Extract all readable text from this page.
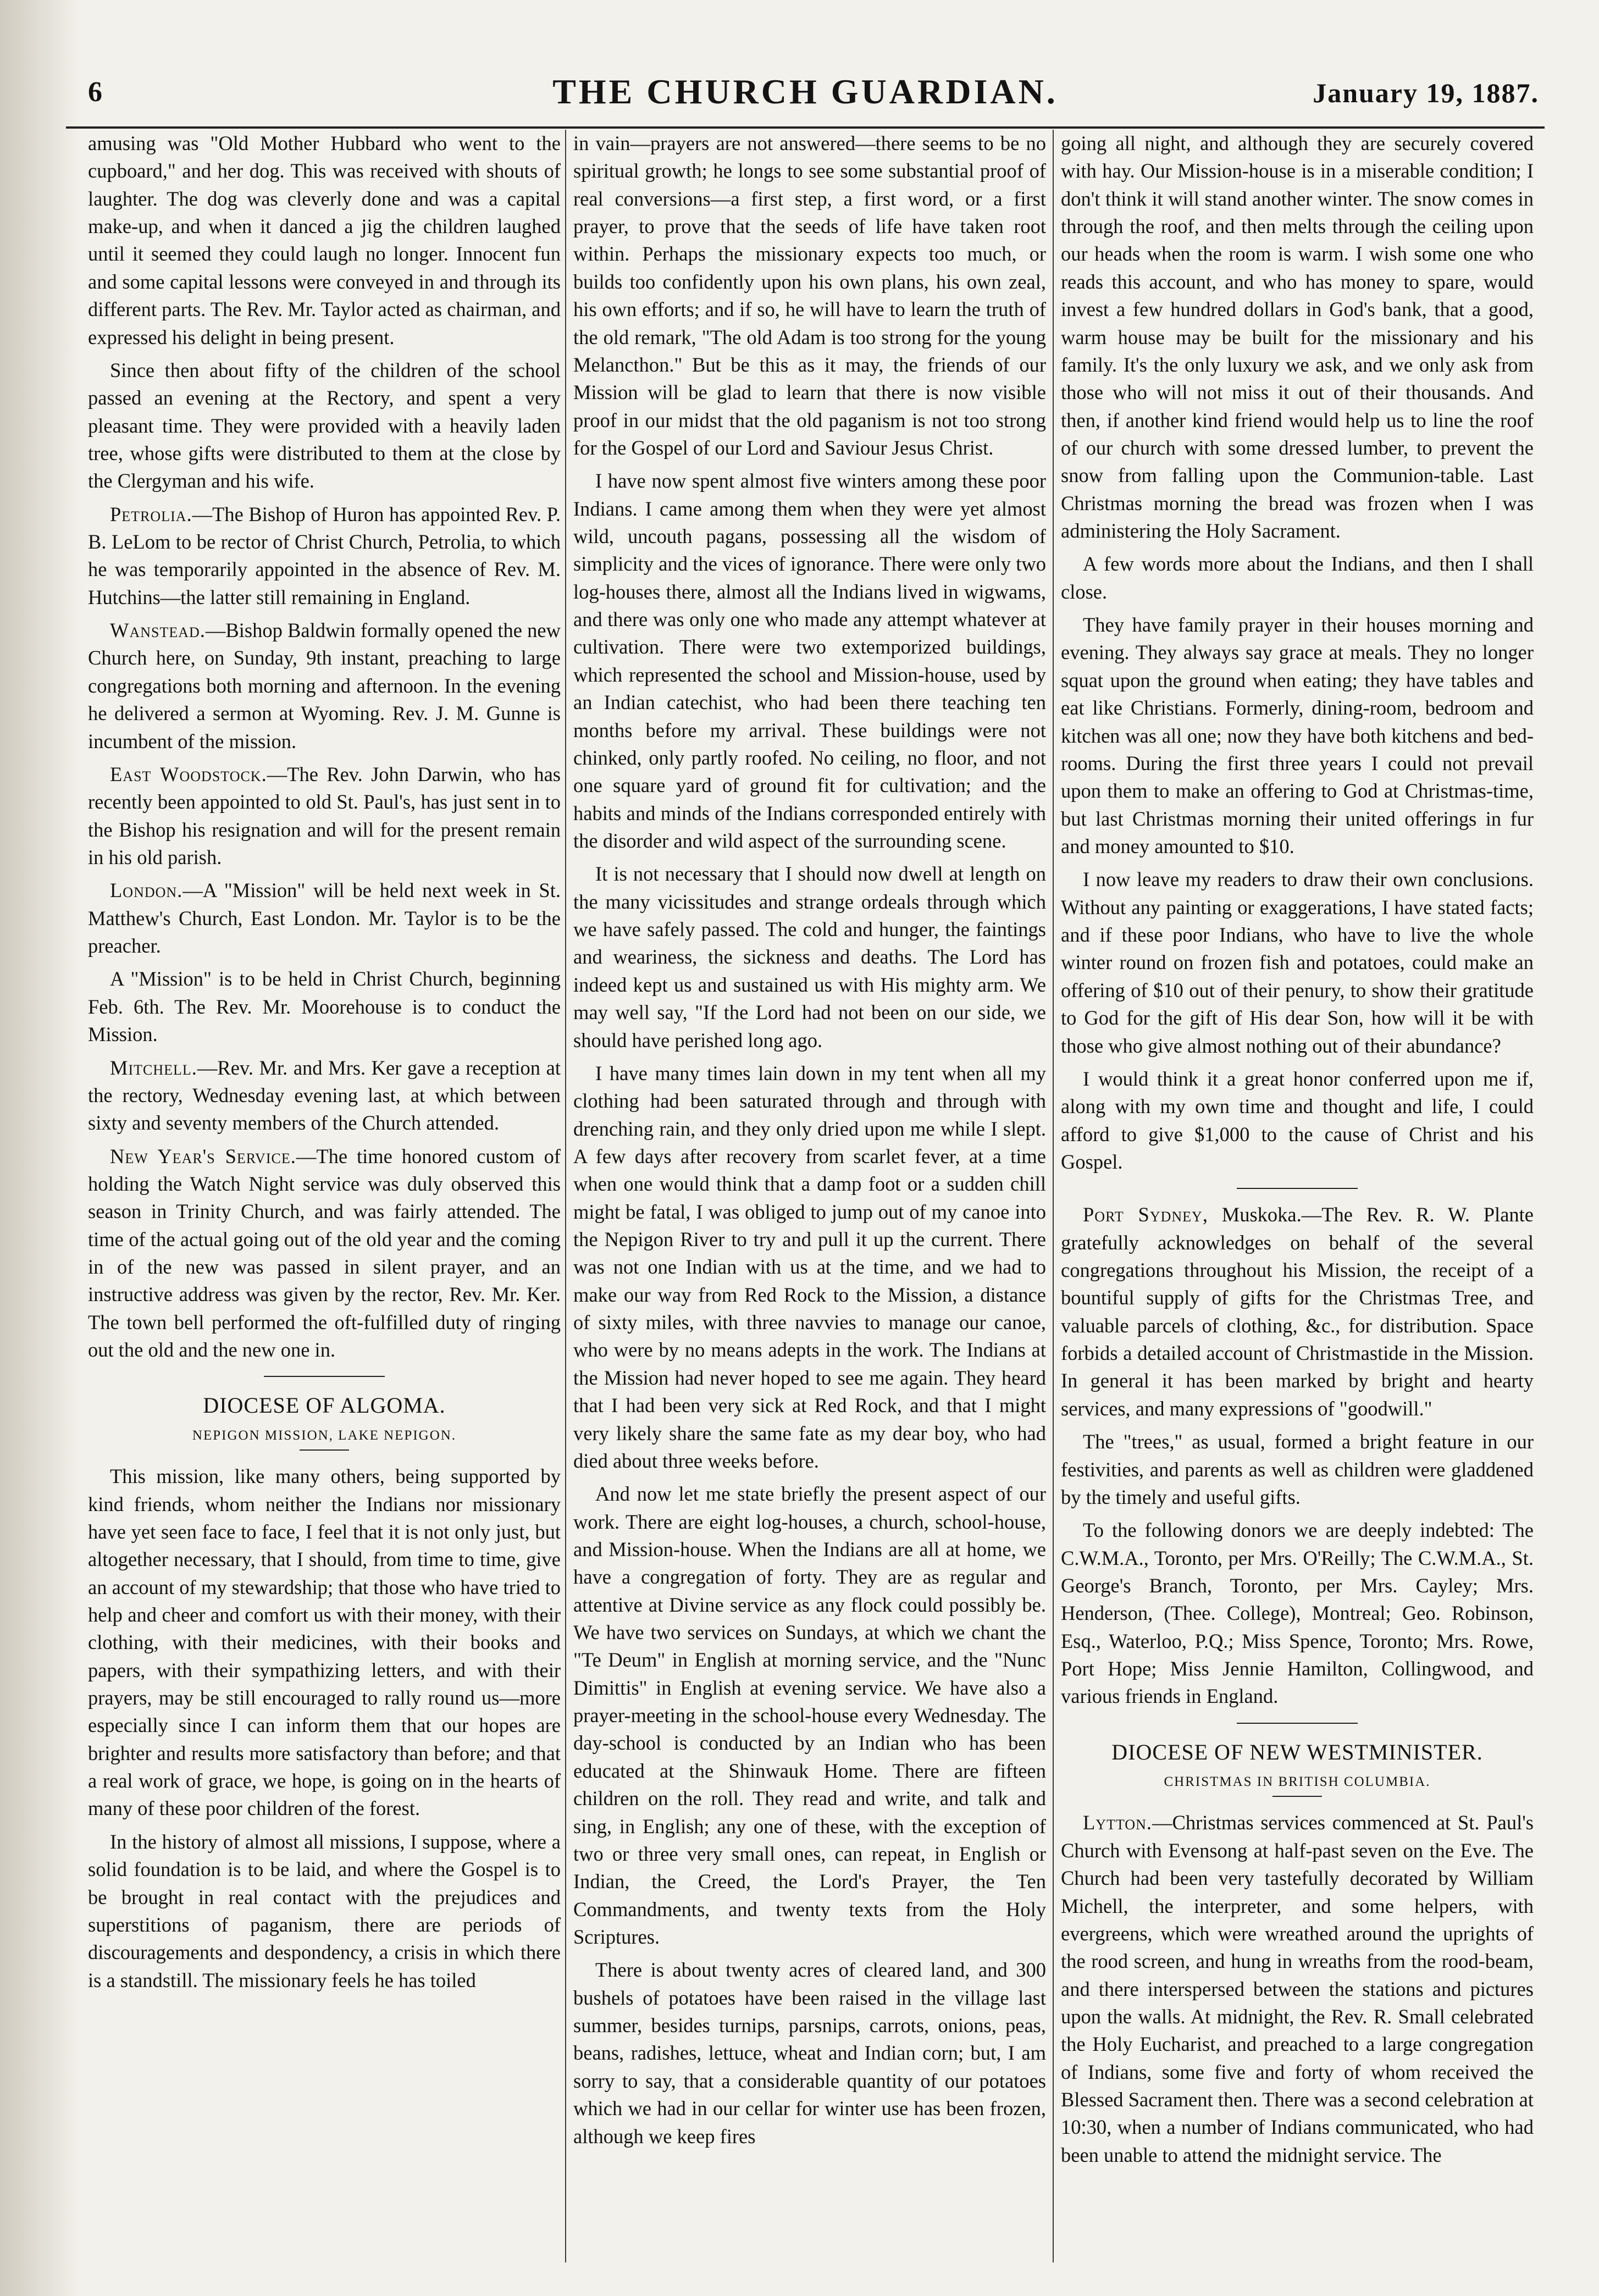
6	THE CHURCH GUARDIAN.	January 19, 1887.

amusing was "Old Mother Hubbard who went to the cupboard," and her dog. This was received with shouts of laughter. The dog was cleverly done and was a capital make-up, and when it danced a jig the children laughed until it seemed they could laugh no longer. Innocent fun and some capital lessons were conveyed in and through its different parts. The Rev. Mr. Taylor acted as chairman, and expressed his delight in being present.

Since then about fifty of the children of the school passed an evening at the Rectory, and spent a very pleasant time. They were provided with a heavily laden tree, whose gifts were distributed to them at the close by the Clergyman and his wife.

Petrolia.—The Bishop of Huron has appointed Rev. P. B. LeLom to be rector of Christ Church, Petrolia, to which he was temporarily appointed in the absence of Rev. M. Hutchins—the latter still remaining in England.

Wanstead.—Bishop Baldwin formally opened the new Church here, on Sunday, 9th instant, preaching to large congregations both morning and afternoon. In the evening he delivered a sermon at Wyoming. Rev. J. M. Gunne is incumbent of the mission.

East Woodstock.—The Rev. John Darwin, who has recently been appointed to old St. Paul's, has just sent in to the Bishop his resignation and will for the present remain in his old parish.

London.—A "Mission" will be held next week in St. Matthew's Church, East London. Mr. Taylor is to be the preacher.

A "Mission" is to be held in Christ Church, beginning Feb. 6th. The Rev. Mr. Moorehouse is to conduct the Mission.

Mitchell.—Rev. Mr. and Mrs. Ker gave a reception at the rectory, Wednesday evening last, at which between sixty and seventy members of the Church attended.

New Year's Service.—The time honored custom of holding the Watch Night service was duly observed this season in Trinity Church, and was fairly attended. The time of the actual going out of the old year and the coming in of the new was passed in silent prayer, and an instructive address was given by the rector, Rev. Mr. Ker. The town bell performed the oft-fulfilled duty of ringing out the old and the new one in.

DIOCESE OF ALGOMA.
NEPIGON MISSION, LAKE NEPIGON.

This mission, like many others, being supported by kind friends, whom neither the Indians nor missionary have yet seen face to face, I feel that it is not only just, but altogether necessary, that I should, from time to time, give an account of my stewardship; that those who have tried to help and cheer and comfort us with their money, with their clothing, with their medicines, with their books and papers, with their sympathizing letters, and with their prayers, may be still encouraged to rally round us—more especially since I can inform them that our hopes are brighter and results more satisfactory than before; and that a real work of grace, we hope, is going on in the hearts of many of these poor children of the forest.

In the history of almost all missions, I suppose, where a solid foundation is to be laid, and where the Gospel is to be brought in real contact with the prejudices and superstitions of paganism, there are periods of discouragements and despondency, a crisis in which there is a standstill. The missionary feels he has toiled

in vain—prayers are not answered—there seems to be no spiritual growth; he longs to see some substantial proof of real conversions—a first step, a first word, or a first prayer, to prove that the seeds of life have taken root within. Perhaps the missionary expects too much, or builds too confidently upon his own plans, his own zeal, his own efforts; and if so, he will have to learn the truth of the old remark, "The old Adam is too strong for the young Melancthon." But be this as it may, the friends of our Mission will be glad to learn that there is now visible proof in our midst that the old paganism is not too strong for the Gospel of our Lord and Saviour Jesus Christ.

I have now spent almost five winters among these poor Indians. I came among them when they were yet almost wild, uncouth pagans, possessing all the wisdom of simplicity and the vices of ignorance. There were only two log-houses there, almost all the Indians lived in wigwams, and there was only one who made any attempt whatever at cultivation. There were two extemporized buildings, which represented the school and Mission-house, used by an Indian catechist, who had been there teaching ten months before my arrival. These buildings were not chinked, only partly roofed. No ceiling, no floor, and not one square yard of ground fit for cultivation; and the habits and minds of the Indians corresponded entirely with the disorder and wild aspect of the surrounding scene.

It is not necessary that I should now dwell at length on the many vicissitudes and strange ordeals through which we have safely passed. The cold and hunger, the faintings and weariness, the sickness and deaths. The Lord has indeed kept us and sustained us with His mighty arm. We may well say, "If the Lord had not been on our side, we should have perished long ago.

I have many times lain down in my tent when all my clothing had been saturated through and through with drenching rain, and they only dried upon me while I slept. A few days after recovery from scarlet fever, at a time when one would think that a damp foot or a sudden chill might be fatal, I was obliged to jump out of my canoe into the Nepigon River to try and pull it up the current. There was not one Indian with us at the time, and we had to make our way from Red Rock to the Mission, a distance of sixty miles, with three navvies to manage our canoe, who were by no means adepts in the work. The Indians at the Mission had never hoped to see me again. They heard that I had been very sick at Red Rock, and that I might very likely share the same fate as my dear boy, who had died about three weeks before.

And now let me state briefly the present aspect of our work. There are eight log-houses, a church, school-house, and Mission-house. When the Indians are all at home, we have a congregation of forty. They are as regular and attentive at Divine service as any flock could possibly be. We have two services on Sundays, at which we chant the "Te Deum" in English at morning service, and the "Nunc Dimittis" in English at evening service. We have also a prayer-meeting in the school-house every Wednesday. The day-school is conducted by an Indian who has been educated at the Shinwauk Home. There are fifteen children on the roll. They read and write, and talk and sing, in English; any one of these, with the exception of two or three very small ones, can repeat, in English or Indian, the Creed, the Lord's Prayer, the Ten Commandments, and twenty texts from the Holy Scriptures.

There is about twenty acres of cleared land, and 300 bushels of potatoes have been raised in the village last summer, besides turnips, parsnips, carrots, onions, peas, beans, radishes, lettuce, wheat and Indian corn; but, I am sorry to say, that a considerable quantity of our potatoes which we had in our cellar for winter use has been frozen, although we keep fires

going all night, and although they are securely covered with hay. Our Mission-house is in a miserable condition; I don't think it will stand another winter. The snow comes in through the roof, and then melts through the ceiling upon our heads when the room is warm. I wish some one who reads this account, and who has money to spare, would invest a few hundred dollars in God's bank, that a good, warm house may be built for the missionary and his family. It's the only luxury we ask, and we only ask from those who will not miss it out of their thousands. And then, if another kind friend would help us to line the roof of our church with some dressed lumber, to prevent the snow from falling upon the Communion-table. Last Christmas morning the bread was frozen when I was administering the Holy Sacrament.

A few words more about the Indians, and then I shall close.

They have family prayer in their houses morning and evening. They always say grace at meals. They no longer squat upon the ground when eating; they have tables and eat like Christians. Formerly, dining-room, bedroom and kitchen was all one; now they have both kitchens and bed-rooms. During the first three years I could not prevail upon them to make an offering to God at Christmas-time, but last Christmas morning their united offerings in fur and money amounted to $10.

I now leave my readers to draw their own conclusions. Without any painting or exaggerations, I have stated facts; and if these poor Indians, who have to live the whole winter round on frozen fish and potatoes, could make an offering of $10 out of their penury, to show their gratitude to God for the gift of His dear Son, how will it be with those who give almost nothing out of their abundance?

I would think it a great honor conferred upon me if, along with my own time and thought and life, I could afford to give $1,000 to the cause of Christ and his Gospel.

Port Sydney, Muskoka.—The Rev. R. W. Plante gratefully acknowledges on behalf of the several congregations throughout his Mission, the receipt of a bountiful supply of gifts for the Christmas Tree, and valuable parcels of clothing, &c., for distribution. Space forbids a detailed account of Christmastide in the Mission. In general it has been marked by bright and hearty services, and many expressions of "goodwill."

The "trees," as usual, formed a bright feature in our festivities, and parents as well as children were gladdened by the timely and useful gifts.

To the following donors we are deeply indebted: The C.W.M.A., Toronto, per Mrs. O'Reilly; The C.W.M.A., St. George's Branch, Toronto, per Mrs. Cayley; Mrs. Henderson, (Thee. College), Montreal; Geo. Robinson, Esq., Waterloo, P.Q.; Miss Spence, Toronto; Mrs. Rowe, Port Hope; Miss Jennie Hamilton, Collingwood, and various friends in England.

DIOCESE OF NEW WESTMINISTER.
CHRISTMAS IN BRITISH COLUMBIA.

Lytton.—Christmas services commenced at St. Paul's Church with Evensong at half-past seven on the Eve. The Church had been very tastefully decorated by William Michell, the interpreter, and some helpers, with evergreens, which were wreathed around the uprights of the rood screen, and hung in wreaths from the rood-beam, and there interspersed between the stations and pictures upon the walls. At midnight, the Rev. R. Small celebrated the Holy Eucharist, and preached to a large congregation of Indians, some five and forty of whom received the Blessed Sacrament then. There was a second celebration at 10:30, when a number of Indians communicated, who had been unable to attend the midnight service. The
